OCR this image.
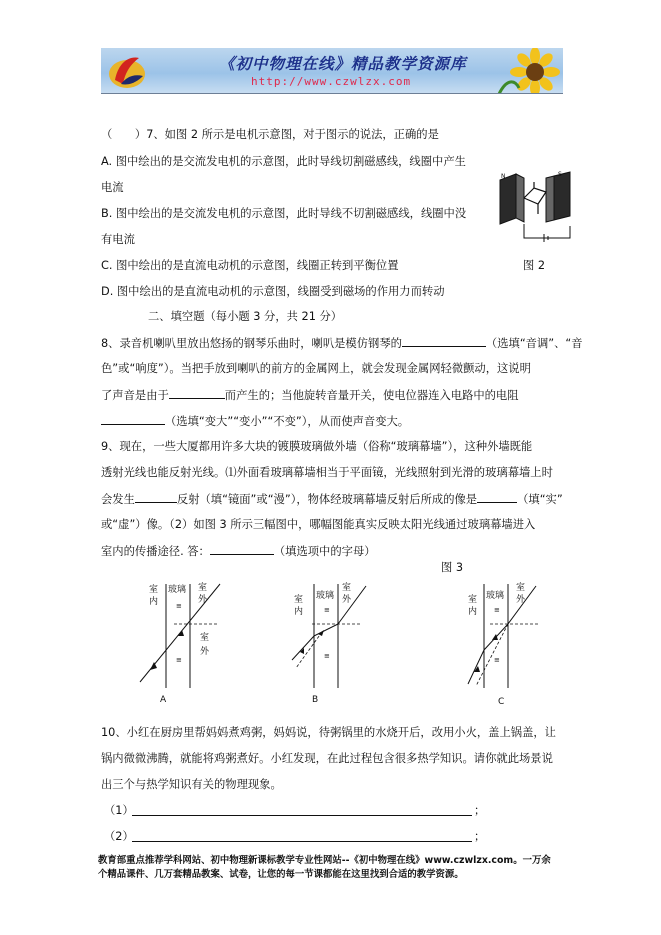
《初中物理在线》精品教学资源库
http://www.czwlzx.com
（　　）7、如图 2 所示是电机示意图，对于图示的说法，正确的是
A. 图中绘出的是交流发电机的示意图，此时导线切割磁感线，线圈中产生
电流
B. 图中绘出的是交流发电机的示意图，此时导线不切割磁感线，线圈中没
有电流
C. 图中绘出的是直流电动机的示意图，线圈正转到平衡位置
D. 图中绘出的是直流电动机的示意图，线圈受到磁场的作用力而转动
N	S
图 2
二、填空题（每小题 3 分，共 21 分）
8、录音机喇叭里放出悠扬的钢琴乐曲时，喇叭是模仿钢琴的	（选填“音调”、“音
色”或“响度”）。当把手放到喇叭的前方的金属网上，就会发现金属网轻微颤动，这说明
了声音是由于	而产生的；当他旋转音量开关，使电位器连入电路中的电阻
（选填“变大”“变小”“不变”），从而使声音变大。
9、现在，一些大厦都用许多大块的镀膜玻璃做外墙（俗称“玻璃幕墙”），这种外墙既能
透射光线也能反射光线。⑴外面看玻璃幕墙相当于平面镜，光线照射到光滑的玻璃幕墙上时
会发生	反射（填“镜面”或“漫”），物体经玻璃幕墙反射后所成的像是	（填“实”
或“虚”）像。（2）如图 3 所示三幅图中，哪幅图能真实反映太阳光线通过玻璃幕墙进入
室内的传播途径. 答：	（填选项中的字母）
图 3
室
内
玻璃 室
外
室
外
≡
≡
A
室
内
玻璃
室
外
≡
≡
B
室
内
玻璃
室
外
≡
≡
C
10、小红在厨房里帮妈妈煮鸡粥，妈妈说，待粥锅里的水烧开后，改用小火，盖上锅盖，让
锅内微微沸腾，就能将鸡粥煮好。小红发现，在此过程包含很多热学知识。请你就此场景说
出三个与热学知识有关的物理现象。
（1）	；
（2）	；
教育部重点推荐学科网站、初中物理新课标教学专业性网站--《初中物理在线》www.czwlzx.com。一万余
个精品课件、几万套精品教案、试卷，让您的每一节课都能在这里找到合适的教学资源。
